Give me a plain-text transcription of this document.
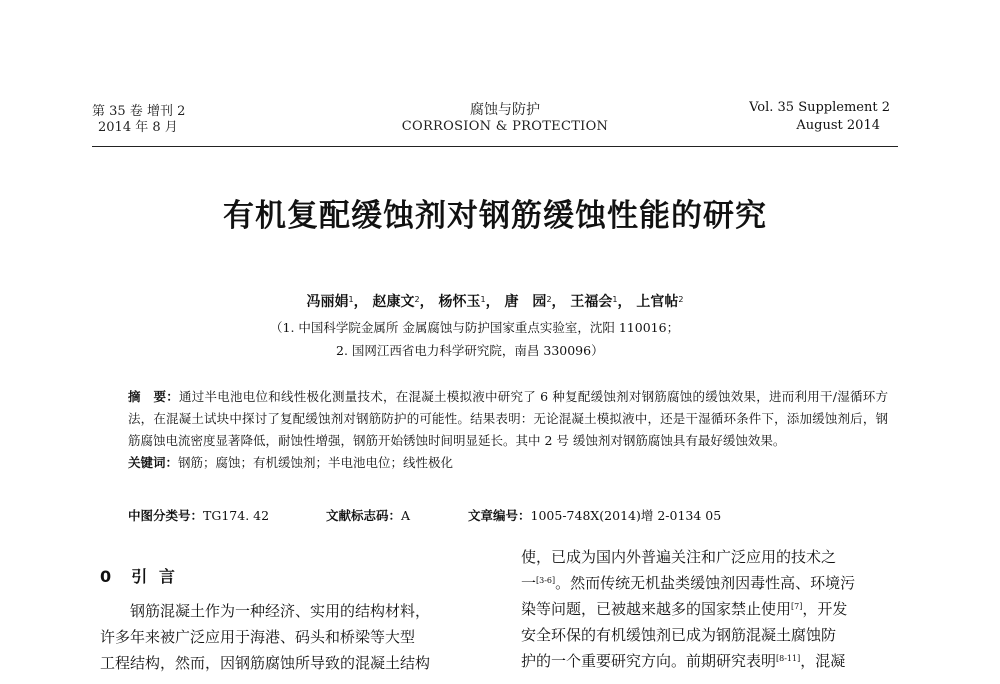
第 35 卷 增刊 2
2014 年 8 月
腐蚀与防护
CORROSION & PROTECTION
Vol. 35 Supplement 2
August 2014
有机复配缓蚀剂对钢筋缓蚀性能的研究
冯丽娟$^1$， 赵康文$^2$， 杨怀玉$^1$， 唐　园$^2$， 王福会$^1$， 上官帖$^2$
（1. 中国科学院金属所 金属腐蚀与防护国家重点实验室，沈阳 110016；
2. 国网江西省电力科学研究院，南昌 330096）
摘　要：通过半电池电位和线性极化测量技术，在混凝土模拟液中研究了 6 种复配缓蚀剂对钢筋腐蚀的缓蚀效果，进而利用干/湿循环方法，在混凝土试块中探讨了复配缓蚀剂对钢筋防护的可能性。结果表明：无论混凝土模拟液中，还是干湿循环条件下，添加缓蚀剂后，钢筋腐蚀电流密度显著降低，耐蚀性增强，钢筋开始锈蚀时间明显延长。其中 2 号 缓蚀剂对钢筋腐蚀具有最好缓蚀效果。
关键词：钢筋；腐蚀；有机缓蚀剂；半电池电位；线性极化
中图分类号：TG174. 42	文献标志码：A	文章编号：1005-748X(2014)增 2-0134 05
0 引 言
钢筋混凝土作为一种经济、实用的结构材料，
许多年来被广泛应用于海港、码头和桥梁等大型
工程结构，然而，因钢筋腐蚀所导致的混凝土结构
使，已成为国内外普遍关注和广泛应用的技术之
一[3-6]。然而传统无机盐类缓蚀剂因毒性高、环境污
染等问题，已被越来越多的国家禁止使用[7]，开发
安全环保的有机缓蚀剂已成为钢筋混凝土腐蚀防
护的一个重要研究方向。前期研究表明[8-11]，混凝
